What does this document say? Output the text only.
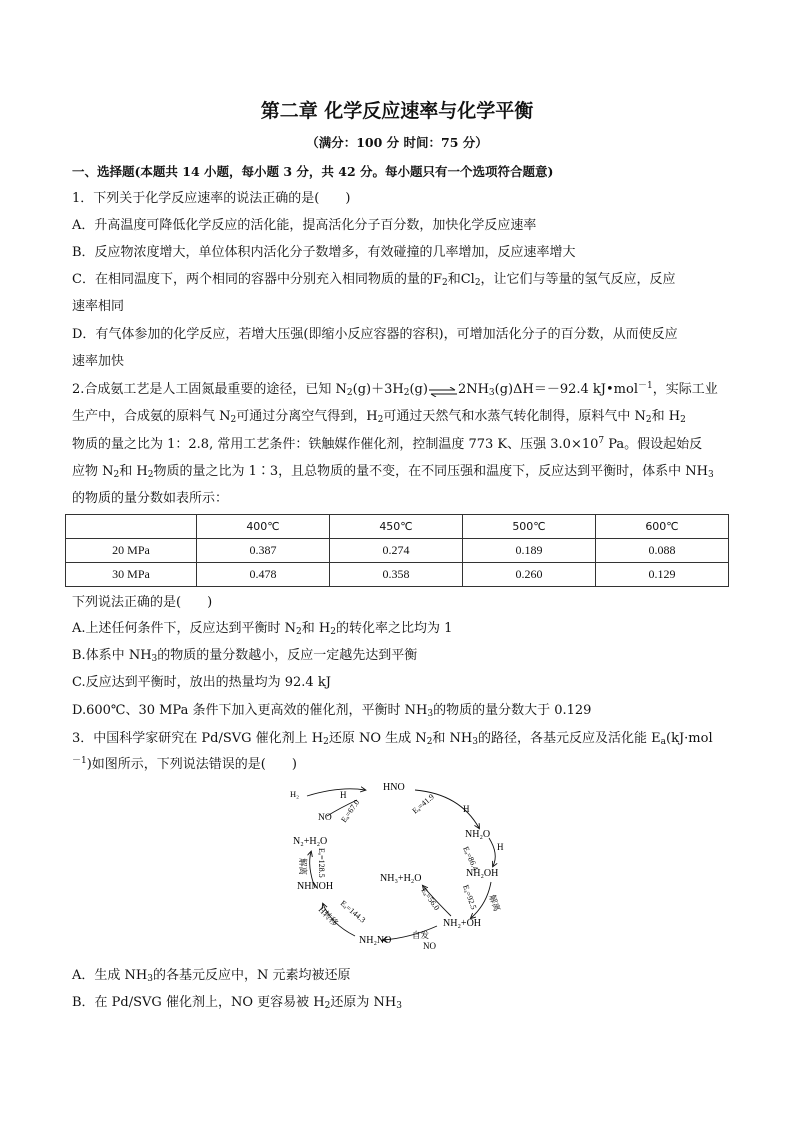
第二章 化学反应速率与化学平衡
（满分：100 分 时间：75 分）
一、选择题(本题共 14 小题，每小题 3 分，共 42 分。每小题只有一个选项符合题意)
1．下列关于化学反应速率的说法正确的是(　　)
A．升高温度可降低化学反应的活化能，提高活化分子百分数，加快化学反应速率
B．反应物浓度增大，单位体积内活化分子数增多，有效碰撞的几率增加，反应速率增大
C．在相同温度下，两个相同的容器中分别充入相同物质的量的$F_2$和$Cl_2$，让它们与等量的氢气反应，反应
速率相同
D．有气体参加的化学反应，若增大压强(即缩小反应容器的容积)，可增加活化分子的百分数，从而使反应
速率加快
2.合成氨工艺是人工固氮最重要的途径，已知 $N_2(g)+3H_2(g)\rightleftharpoons 2NH_3(g)\Delta H=-92.4$ kJ•mol$^{-1}$，实际工业
生产中，合成氨的原料气 $N_2$可通过分离空气得到，$H_2$可通过天然气和水蒸气转化制得，原料气中 $N_2$和 $H_2$
物质的量之比为 1：2.8, 常用工艺条件：铁触媒作催化剂，控制温度 773 K、压强 $3.0\times 10^7$ Pa。假设起始反
应物 $N_2$和 $H_2$物质的量之比为 1∶3，且总物质的量不变，在不同压强和温度下，反应达到平衡时，体系中 $NH_3$
的物质的量分数如表所示：
	400℃	450℃	500℃	600℃
20 MPa	0.387	0.274	0.189	0.088
30 MPa	0.478	0.358	0.260	0.129
下列说法正确的是(　　)
A.上述任何条件下，反应达到平衡时 $N_2$和 $H_2$的转化率之比均为 1
B.体系中 $NH_3$的物质的量分数越小，反应一定越先达到平衡
C.反应达到平衡时，放出的热量均为 92.4 kJ
D.600℃、30 MPa 条件下加入更高效的催化剂，平衡时 $NH_3$的物质的量分数大于 0.129
3．中国科学家研究在 Pd/SVG 催化剂上 $H_2$还原 NO 生成 $N_2$和 $NH_3$的路径，各基元反应及活化能 $E_a(kJ\cdot mol$
$^{-1}$)如图所示，下列说法错误的是(　　)
H₂
NO
H
Eₐ=67.0
HNO
Eₐ=41.9	H
NH₂O
Eₐ=86.4 H
NH₂OH
Eₐ=92.5 解离
NH₃+H₂O
Eₐ=56.0
NH₂+OH
自发
NO
NH₂NO
Eₐ=144.3
H转移
NHNOH
Eₐ=128.5
解离
N₂+H₂O
A．生成 $NH_3$的各基元反应中，N 元素均被还原
B．在 Pd/SVG 催化剂上，NO 更容易被 $H_2$还原为 $NH_3$
